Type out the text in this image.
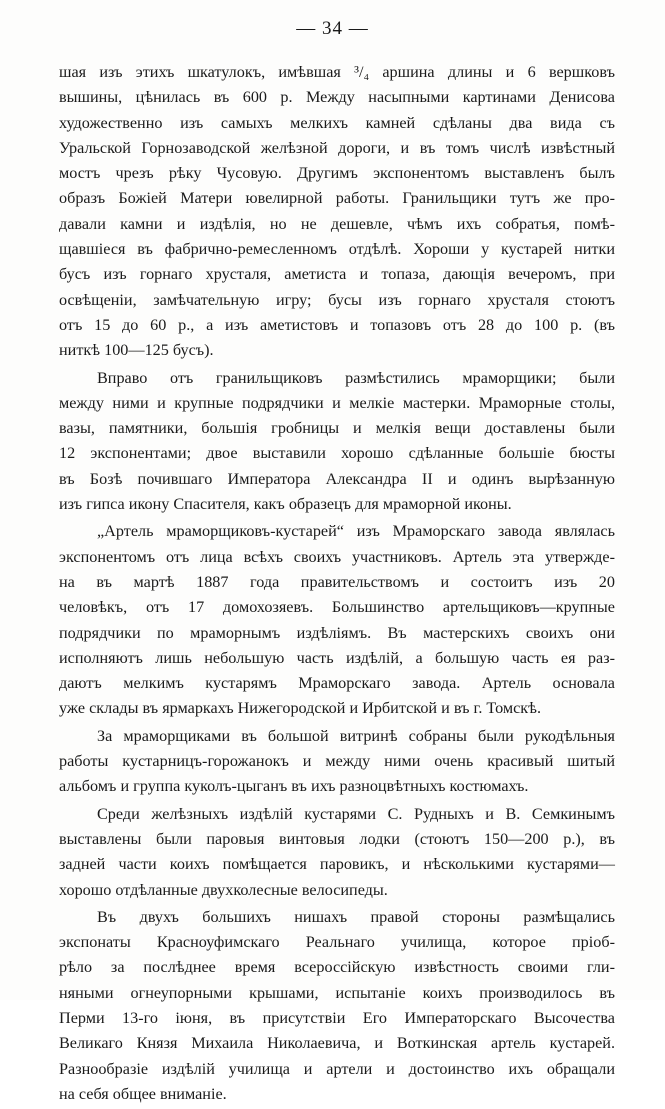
— 34 —
шая изъ этихъ шкатулокъ, имѣвшая ³/₄ аршина длины и 6 вершковъ
вышины, цѣнилась въ 600 р. Между насыпными картинами Денисова
художественно изъ самыхъ мелкихъ камней сдѣланы два вида съ
Уральской Горнозаводской желѣзной дороги, и въ томъ числѣ извѣстный
мостъ чрезъ рѣку Чусовую. Другимъ экспонентомъ выставленъ былъ
образъ Божіей Матери ювелирной работы. Гранильщики тутъ же про-
давали камни и издѣлія, но не дешевле, чѣмъ ихъ собратья, помѣ-
щавшіеся въ фабрично-ремесленномъ отдѣлѣ. Хороши у кустарей нитки
бусъ изъ горнаго хрусталя, аметиста и топаза, дающія вечеромъ, при
освѣщеніи, замѣчательную игру; бусы изъ горнаго хрусталя стоютъ
отъ 15 до 60 р., а изъ аметистовъ и топазовъ отъ 28 до 100 р. (въ
ниткѣ 100—125 бусъ).
Вправо отъ гранильщиковъ размѣстились мраморщики; были
между ними и крупные подрядчики и мелкіе мастерки. Мраморные столы,
вазы, памятники, большія гробницы и мелкія вещи доставлены были
12 экспонентами; двое выставили хорошо сдѣланные большіе бюсты
въ Бозѣ почившаго Императора Александра II и одинъ вырѣзанную
изъ гипса икону Спасителя, какъ образецъ для мраморной иконы.
„Артель мраморщиковъ-кустарей“ изъ Мраморскаго завода являлась
экспонентомъ отъ лица всѣхъ своихъ участниковъ. Артель эта утвержде-
на въ мартѣ 1887 года правительствомъ и состоитъ изъ 20
человѣкъ, отъ 17 домохозяевъ. Большинство артельщиковъ—крупные
подрядчики по мраморнымъ издѣліямъ. Въ мастерскихъ своихъ они
исполняютъ лишь небольшую часть издѣлій, а большую часть ея раз-
даютъ мелкимъ кустарямъ Мраморскаго завода. Артель основала
уже склады въ ярмаркахъ Нижегородской и Ирбитской и въ г. Томскѣ.
За мраморщиками въ большой витринѣ собраны были рукодѣльныя
работы кустарницъ-горожанокъ и между ними очень красивый шитый
альбомъ и группа куколъ-цыганъ въ ихъ разноцвѣтныхъ костюмахъ.
Среди желѣзныхъ издѣлій кустарями С. Рудныхъ и В. Семкинымъ
выставлены были паровыя винтовыя лодки (стоютъ 150—200 р.), въ
задней части коихъ помѣщается паровикъ, и нѣсколькими кустарями—
хорошо отдѣланные двухколесные велосипеды.
Въ двухъ большихъ нишахъ правой стороны размѣщались
экспонаты Красноуфимскаго Реальнаго училища, которое пріоб-
рѣло за послѣднее время всероссійскую извѣстность своими гли-
няными огнеупорными крышами, испытаніе коихъ производилось въ
Перми 13-го іюня, въ присутствіи Его Императорскаго Высочества
Великаго Князя Михаила Николаевича, и Воткинская артель кустарей.
Разнообразіе издѣлій училища и артели и достоинство ихъ обращали
на себя общее вниманіе.
